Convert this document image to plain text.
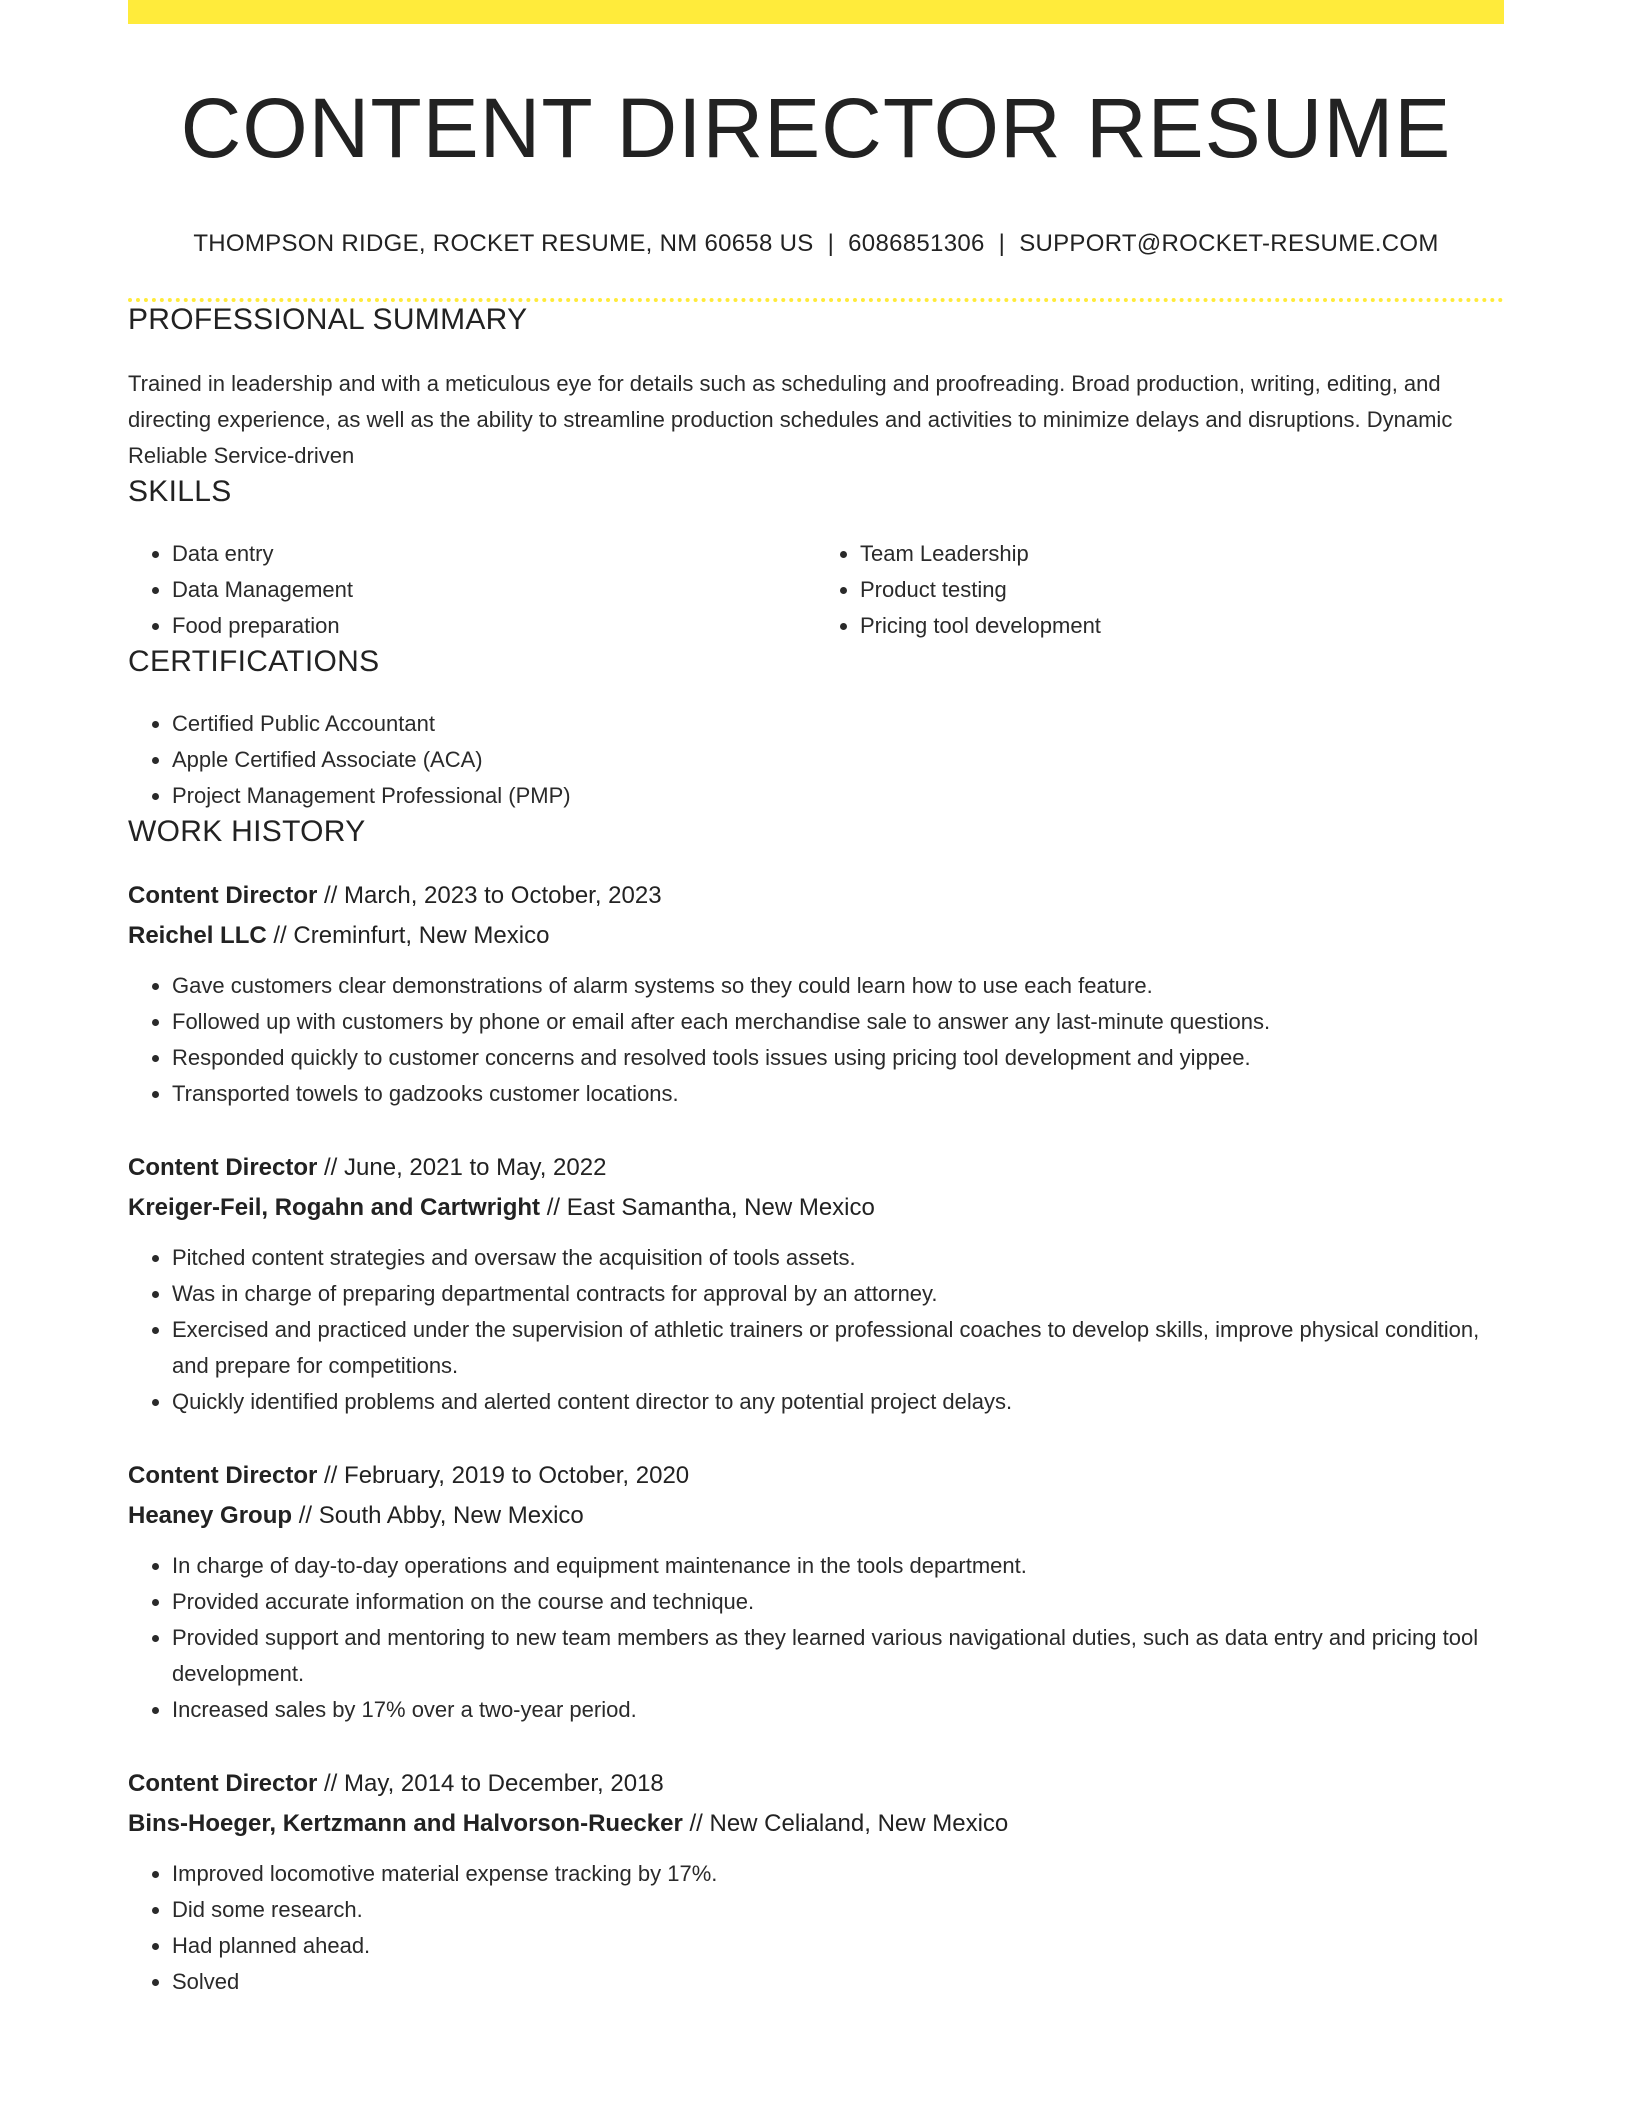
CONTENT DIRECTOR RESUME
THOMPSON RIDGE, ROCKET RESUME, NM 60658 US | 6086851306 | SUPPORT@ROCKET-RESUME.COM
PROFESSIONAL SUMMARY

Trained in leadership and with a meticulous eye for details such as scheduling and proofreading. Broad production, writing, editing, and directing experience, as well as the ability to streamline production schedules and activities to minimize delays and disruptions. Dynamic Reliable Service-driven

SKILLS
• Data entry
• Data Management
• Food preparation
• Team Leadership
• Product testing
• Pricing tool development
CERTIFICATIONS
• Certified Public Accountant
• Apple Certified Associate (ACA)
• Project Management Professional (PMP)
WORK HISTORY
Content Director // March, 2023 to October, 2023
Reichel LLC // Creminfurt, New Mexico
• Gave customers clear demonstrations of alarm systems so they could learn how to use each feature.
• Followed up with customers by phone or email after each merchandise sale to answer any last-minute questions.
• Responded quickly to customer concerns and resolved tools issues using pricing tool development and yippee.
• Transported towels to gadzooks customer locations.
Content Director // June, 2021 to May, 2022
Kreiger-Feil, Rogahn and Cartwright // East Samantha, New Mexico
• Pitched content strategies and oversaw the acquisition of tools assets.
• Was in charge of preparing departmental contracts for approval by an attorney.
• Exercised and practiced under the supervision of athletic trainers or professional coaches to develop skills, improve physical condition, and prepare for competitions.
• Quickly identified problems and alerted content director to any potential project delays.
Content Director // February, 2019 to October, 2020
Heaney Group // South Abby, New Mexico
• In charge of day-to-day operations and equipment maintenance in the tools department.
• Provided accurate information on the course and technique.
• Provided support and mentoring to new team members as they learned various navigational duties, such as data entry and pricing tool development.
• Increased sales by 17% over a two-year period.
Content Director // May, 2014 to December, 2018
Bins-Hoeger, Kertzmann and Halvorson-Ruecker // New Celialand, New Mexico
• Improved locomotive material expense tracking by 17%.
• Did some research.
• Had planned ahead.
• Solved
